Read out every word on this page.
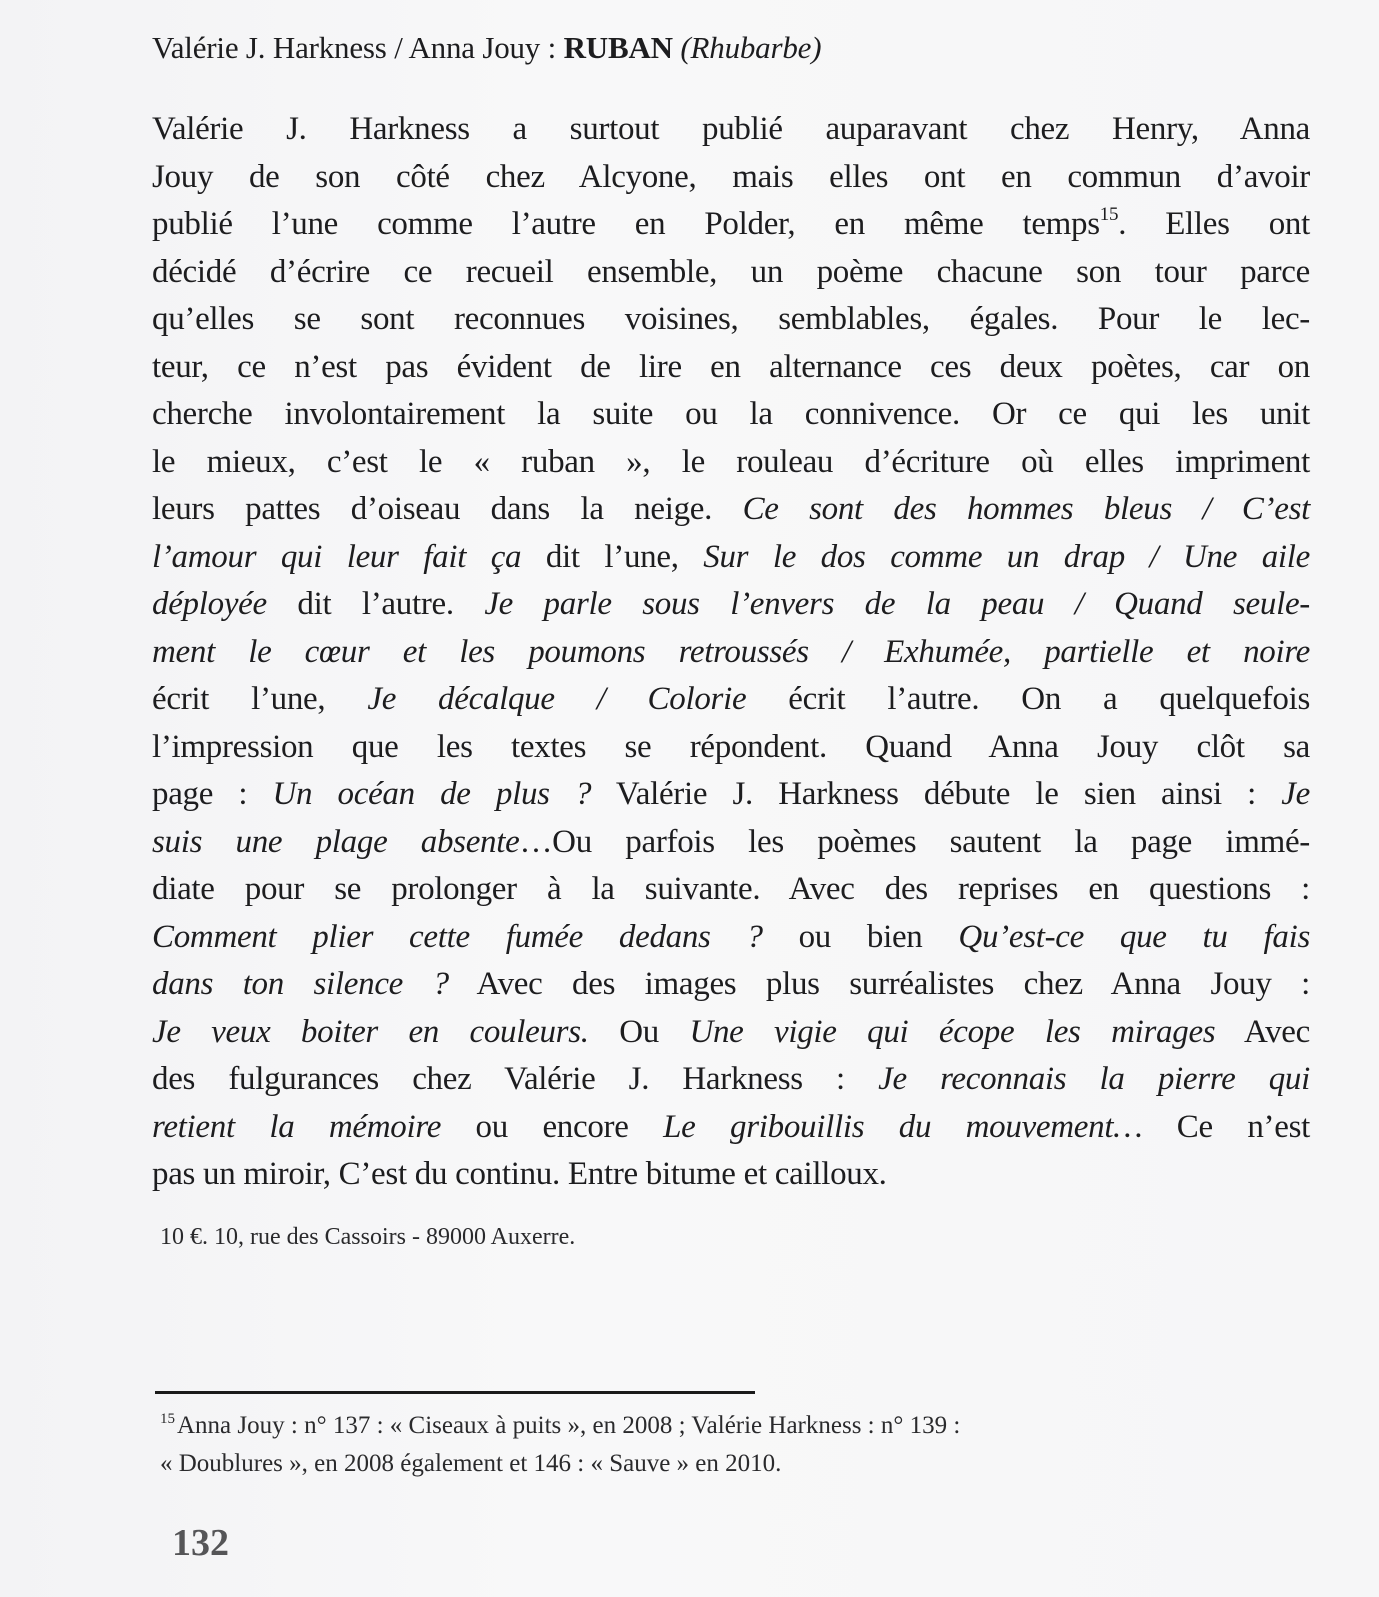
Valérie J. Harkness / Anna Jouy : RUBAN (Rhubarbe)
Valérie J. Harkness a surtout publié auparavant chez Henry, Anna
Jouy de son côté chez Alcyone, mais elles ont en commun d’avoir
publié l’une comme l’autre en Polder, en même temps$^{15}$. Elles ont
décidé d’écrire ce recueil ensemble, un poème chacune son tour parce
qu’elles se sont reconnues voisines, semblables, égales. Pour le lec-
teur, ce n’est pas évident de lire en alternance ces deux poètes, car on
cherche involontairement la suite ou la connivence. Or ce qui les unit
le mieux, c’est le « ruban », le rouleau d’écriture où elles impriment
leurs pattes d’oiseau dans la neige. Ce sont des hommes bleus / C’est
l’amour qui leur fait ça dit l’une, Sur le dos comme un drap / Une aile
déployée dit l’autre. Je parle sous l’envers de la peau / Quand seule-
ment le cœur et les poumons retroussés / Exhumée, partielle et noire
écrit l’une, Je décalque / Colorie écrit l’autre. On a quelquefois
l’impression que les textes se répondent. Quand Anna Jouy clôt sa
page : Un océan de plus ? Valérie J. Harkness débute le sien ainsi : Je
suis une plage absente…Ou parfois les poèmes sautent la page immé-
diate pour se prolonger à la suivante. Avec des reprises en questions :
Comment plier cette fumée dedans ? ou bien Qu’est-ce que tu fais
dans ton silence ? Avec des images plus surréalistes chez Anna Jouy :
Je veux boiter en couleurs. Ou Une vigie qui écope les mirages Avec
des fulgurances chez Valérie J. Harkness : Je reconnais la pierre qui
retient la mémoire ou encore Le gribouillis du mouvement… Ce n’est
pas un miroir, C’est du continu. Entre bitume et cailloux.
10 €. 10, rue des Cassoirs - 89000 Auxerre.
$^{15}$Anna Jouy : n° 137 : « Ciseaux à puits », en 2008 ; Valérie Harkness : n° 139 :
« Doublures », en 2008 également et 146 : « Sauve » en 2010.
132
